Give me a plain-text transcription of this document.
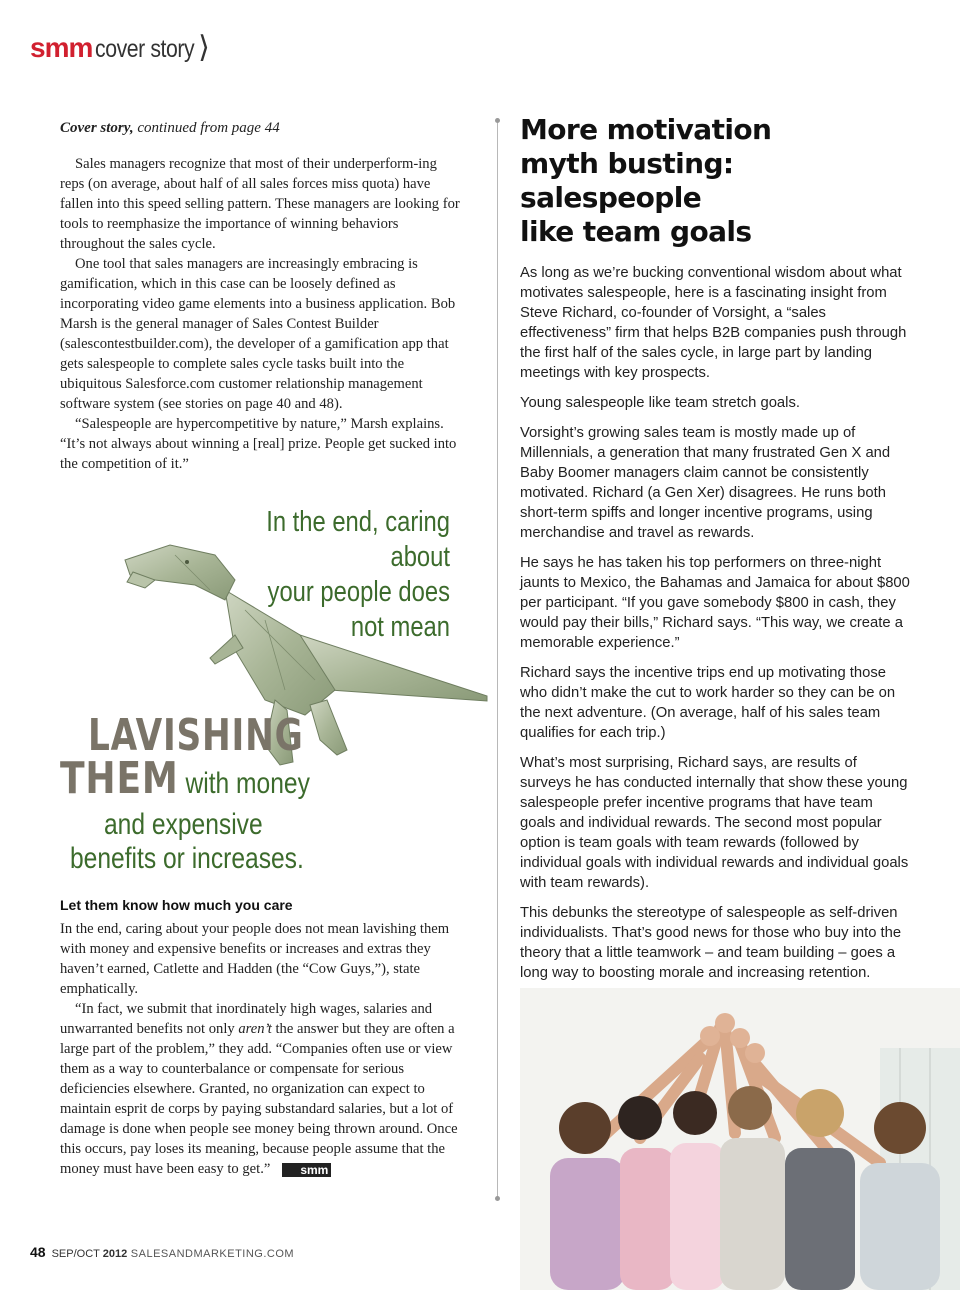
smm cover story ⟩

Cover story, continued from page 44

Sales managers recognize that most of their underperform-ing reps (on average, about half of all sales forces miss quota) have fallen into this speed selling pattern. These managers are looking for tools to reemphasize the importance of winning behaviors throughout the sales cycle.

One tool that sales managers are increasingly embracing is gamification, which in this case can be loosely defined as incorporating video game elements into a business application. Bob Marsh is the general manager of Sales Contest Builder (salescontestbuilder.com), the developer of a gamification app that gets salespeople to complete sales cycle tasks built into the ubiquitous Salesforce.com customer relationship management software system (see stories on page 40 and 48).

“Salespeople are hypercompetitive by nature,” Marsh explains. “It’s not always about winning a [real] prize. People get sucked into the competition of it.”

In the end, caring about
your people does
not mean
LAVISHING
THEM with money
and expensive
benefits or increases.

Let them know how much you care

In the end, caring about your people does not mean lavishing them with money and expensive benefits or increases and extras they haven’t earned, Catlette and Hadden (the “Cow Guys,”), state emphatically.

“In fact, we submit that inordinately high wages, salaries and unwarranted benefits not only aren’t the answer but they are often a large part of the problem,” they add. “Companies often use or view them as a way to counterbalance or compensate for serious deficiencies elsewhere. Granted, no organization can expect to maintain esprit de corps by paying substandard salaries, but a lot of damage is done when people see money being thrown around. Once this occurs, pay loses its meaning, because people assume that the money must have been easy to get.”	smm

More motivation
myth busting: salespeople
like team goals

As long as we’re bucking conventional wisdom about what motivates salespeople, here is a fascinating insight from Steve Richard, co-founder of Vorsight, a “sales effectiveness” firm that helps B2B companies push through the first half of the sales cycle, in large part by landing meetings with key prospects.

Young salespeople like team stretch goals.

Vorsight’s growing sales team is mostly made up of Millennials, a generation that many frustrated Gen X and Baby Boomer managers claim cannot be consistently motivated. Richard (a Gen Xer) disagrees. He runs both short-term spiffs and longer incentive programs, using merchandise and travel as rewards.

He says he has taken his top performers on three-night jaunts to Mexico, the Bahamas and Jamaica for about $800 per participant. “If you gave somebody $800 in cash, they would pay their bills,” Richard says. “This way, we create a memorable experience.”

Richard says the incentive trips end up motivating those who didn’t make the cut to work harder so they can be on the next adventure. (On average, half of his sales team qualifies for each trip.)

What’s most surprising, Richard says, are results of surveys he has conducted internally that show these young salespeople prefer incentive programs that have team goals and individual rewards. The second most popular option is team goals with team rewards (followed by individual goals with individual rewards and individual goals with team rewards).

This debunks the stereotype of salespeople as self-driven individualists. That’s good news for those who buy into the theory that a little teamwork – and team building – goes a long way to boosting morale and increasing retention.

48 SEP/OCT 2012 SALESANDMARKETING.COM
